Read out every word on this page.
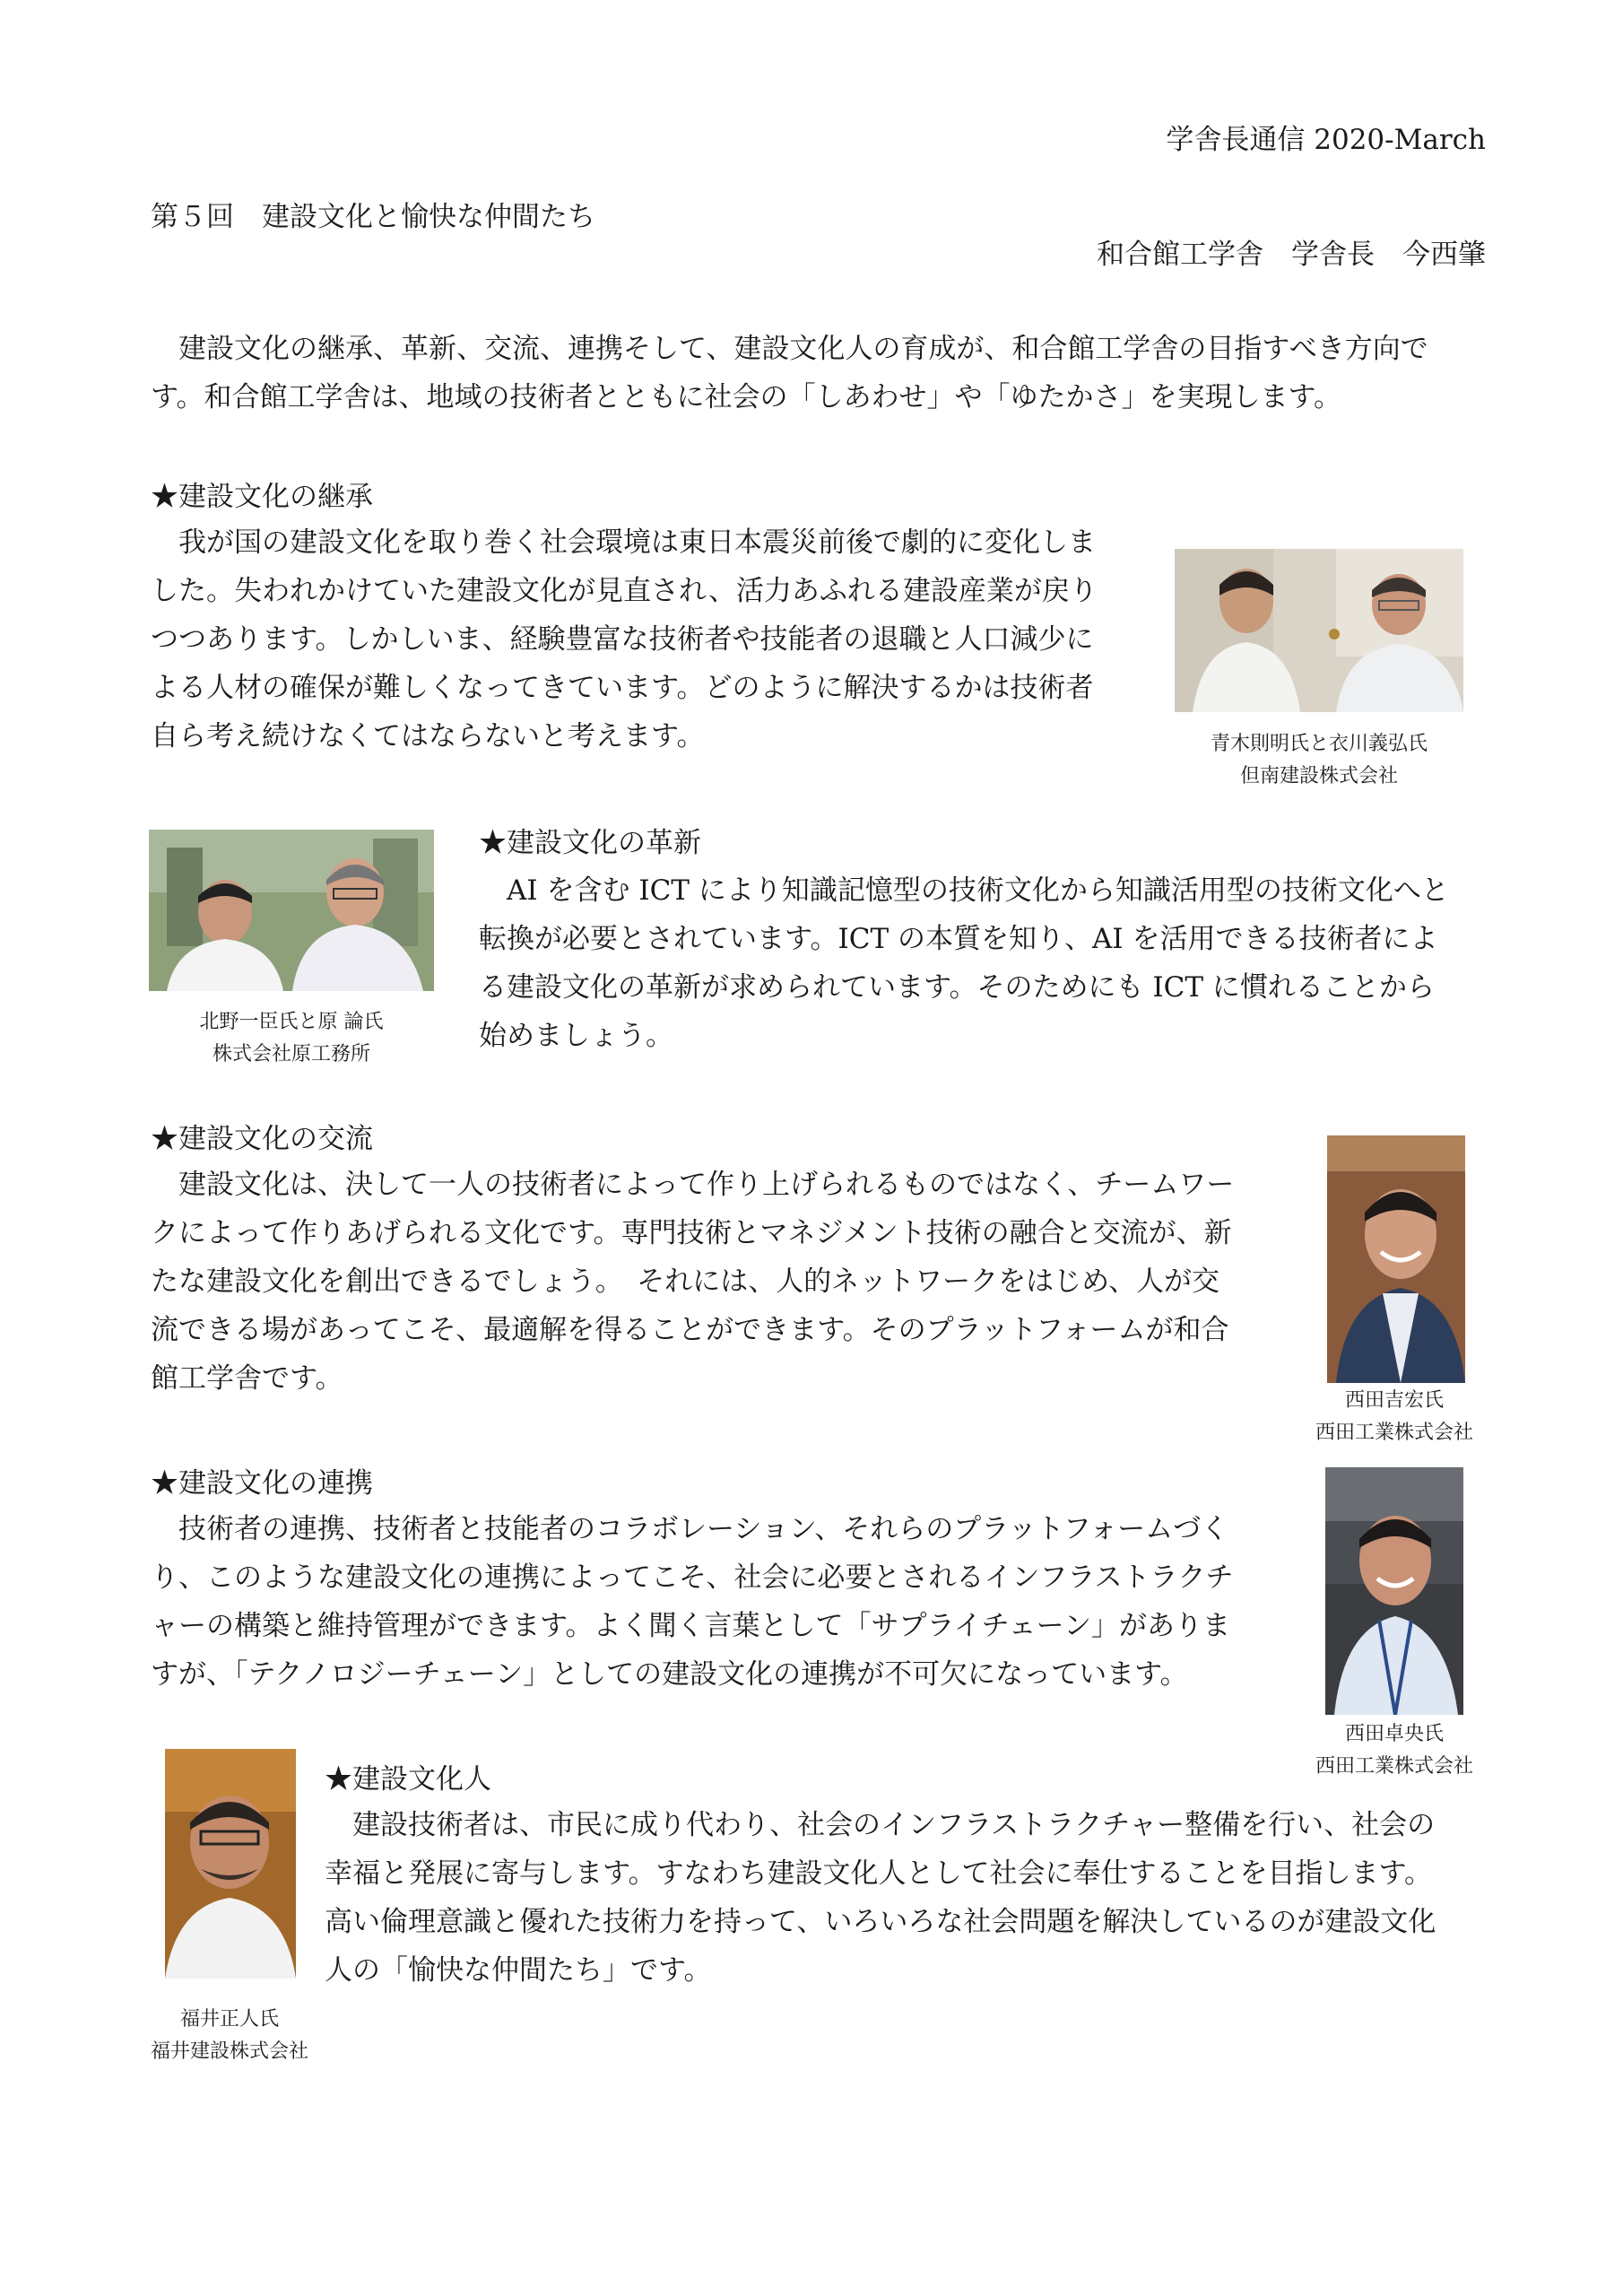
学舎長通信 2020-March
第５回　建設文化と愉快な仲間たち
和合館工学舎　学舎長　今西肇
建設文化の継承、革新、交流、連携そして、建設文化人の育成が、和合館工学舎の目指すべき方向で
す。和合館工学舎は、地域の技術者とともに社会の「しあわせ」や「ゆたかさ」を実現します。
★建設文化の継承
我が国の建設文化を取り巻く社会環境は東日本震災前後で劇的に変化しま
した。失われかけていた建設文化が見直され、活力あふれる建設産業が戻り
つつあります。しかしいま、経験豊富な技術者や技能者の退職と人口減少に
よる人材の確保が難しくなってきています。どのように解決するかは技術者
自ら考え続けなくてはならないと考えます。	青木則明氏と衣川義弘氏
但南建設株式会社
北野一臣氏と原 論氏
株式会社原工務所
★建設文化の革新
AI を含む ICT により知識記憶型の技術文化から知識活用型の技術文化へと
転換が必要とされています。ICT の本質を知り、AI を活用できる技術者によ
る建設文化の革新が求められています。そのためにも ICT に慣れることから
始めましょう。
★建設文化の交流
建設文化は、決して一人の技術者によって作り上げられるものではなく、チームワー
クによって作りあげられる文化です。専門技術とマネジメント技術の融合と交流が、新
たな建設文化を創出できるでしょう。　それには、人的ネットワークをはじめ、人が交
流できる場があってこそ、最適解を得ることができます。そのプラットフォームが和合
館工学舎です。
西田吉宏氏
西田工業株式会社
★建設文化の連携
技術者の連携、技術者と技能者のコラボレーション、それらのプラットフォームづく
り、このような建設文化の連携によってこそ、社会に必要とされるインフラストラクチ
ャーの構築と維持管理ができます。よく聞く言葉として「サプライチェーン」がありま
すが、「テクノロジーチェーン」としての建設文化の連携が不可欠になっています。
西田卓央氏
西田工業株式会社
福井正人氏
福井建設株式会社
★建設文化人
建設技術者は、市民に成り代わり、社会のインフラストラクチャー整備を行い、社会の
幸福と発展に寄与します。すなわち建設文化人として社会に奉仕することを目指します。
高い倫理意識と優れた技術力を持って、いろいろな社会問題を解決しているのが建設文化
人の「愉快な仲間たち」です。
